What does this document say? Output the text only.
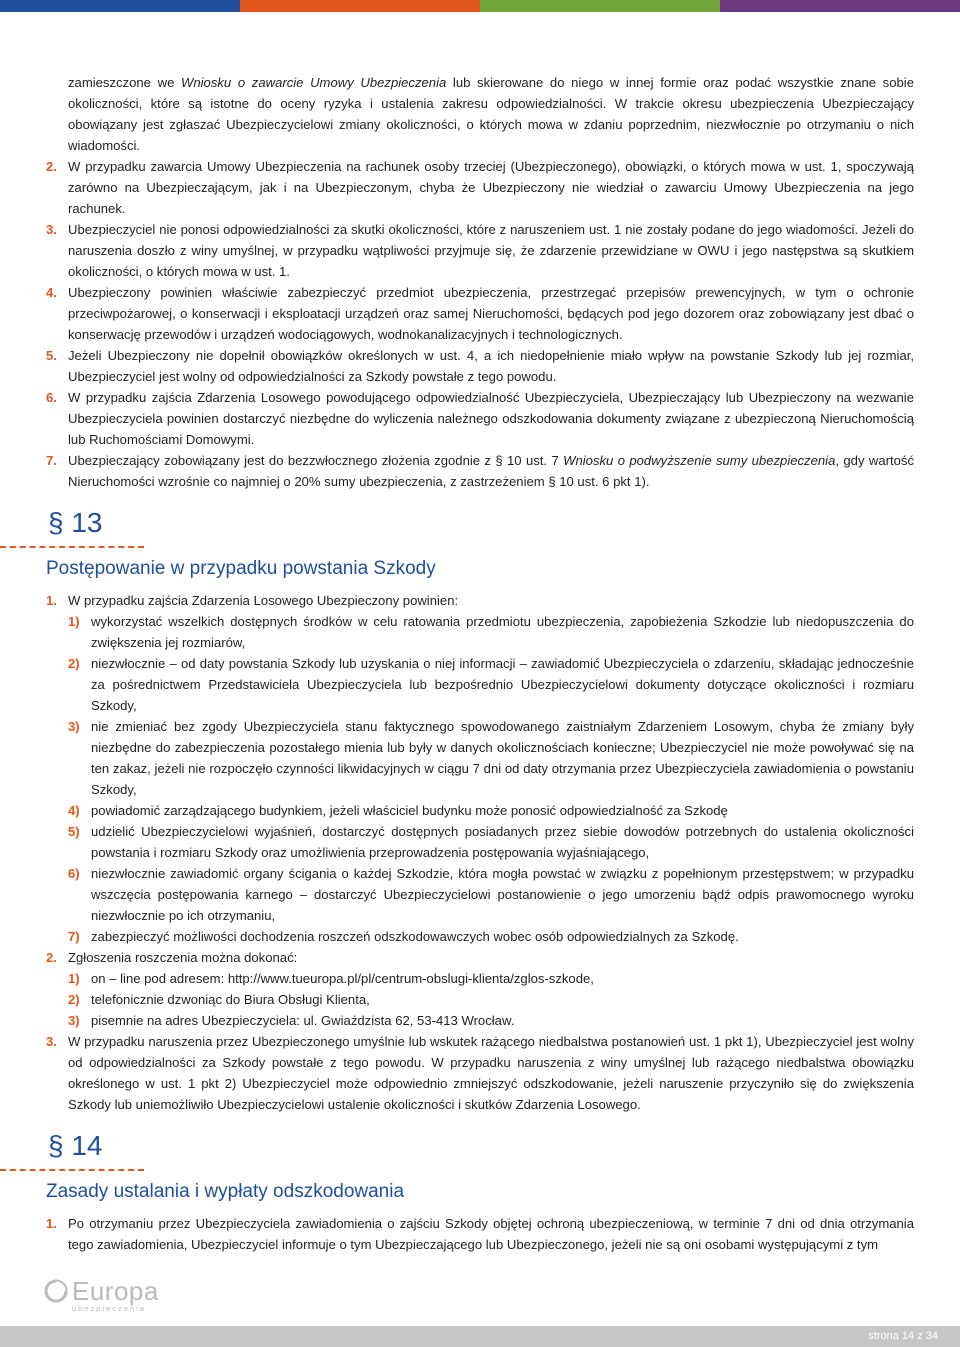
zamieszczone we Wniosku o zawarcie Umowy Ubezpieczenia lub skierowane do niego w innej formie oraz podać wszystkie znane sobie okoliczności, które są istotne do oceny ryzyka i ustalenia zakresu odpowiedzialności. W trakcie okresu ubezpieczenia Ubezpieczający obowiązany jest zgłaszać Ubezpieczycielowi zmiany okoliczności, o których mowa w zdaniu poprzednim, niezwłocznie po otrzymaniu o nich wiadomości.

2. W przypadku zawarcia Umowy Ubezpieczenia na rachunek osoby trzeciej (Ubezpieczonego), obowiązki, o których mowa w ust. 1, spoczywają zarówno na Ubezpieczającym, jak i na Ubezpieczonym, chyba że Ubezpieczony nie wiedział o zawarciu Umowy Ubezpieczenia na jego rachunek.

3. Ubezpieczyciel nie ponosi odpowiedzialności za skutki okoliczności, które z naruszeniem ust. 1 nie zostały podane do jego wiadomości. Jeżeli do naruszenia doszło z winy umyślnej, w przypadku wątpliwości przyjmuje się, że zdarzenie przewidziane w OWU i jego następstwa są skutkiem okoliczności, o których mowa w ust. 1.

4. Ubezpieczony powinien właściwie zabezpieczyć przedmiot ubezpieczenia, przestrzegać przepisów prewencyjnych, w tym o ochronie przeciwpożarowej, o konserwacji i eksploatacji urządzeń oraz samej Nieruchomości, będących pod jego dozorem oraz zobowiązany jest dbać o konserwację przewodów i urządzeń wodociągowych, wodnokanalizacyjnych i technologicznych.

5. Jeżeli Ubezpieczony nie dopełnił obowiązków określonych w ust. 4, a ich niedopełnienie miało wpływ na powstanie Szkody lub jej rozmiar, Ubezpieczyciel jest wolny od odpowiedzialności za Szkody powstałe z tego powodu.

6. W przypadku zajścia Zdarzenia Losowego powodującego odpowiedzialność Ubezpieczyciela, Ubezpieczający lub Ubezpieczony na wezwanie Ubezpieczyciela powinien dostarczyć niezbędne do wyliczenia należnego odszkodowania dokumenty związane z ubezpieczoną Nieruchomością lub Ruchomościami Domowymi.

7. Ubezpieczający zobowiązany jest do bezzwłocznego złożenia zgodnie z § 10 ust. 7 Wniosku o podwyższenie sumy ubezpieczenia, gdy wartość Nieruchomości wzrośnie co najmniej o 20% sumy ubezpieczenia, z zastrzeżeniem § 10 ust. 6 pkt 1).

§ 13
Postępowanie w przypadku powstania Szkody

1. W przypadku zajścia Zdarzenia Losowego Ubezpieczony powinien:

1) wykorzystać wszelkich dostępnych środków w celu ratowania przedmiotu ubezpieczenia, zapobieżenia Szkodzie lub niedopuszczenia do zwiększenia jej rozmiarów,

2) niezwłocznie – od daty powstania Szkody lub uzyskania o niej informacji – zawiadomić Ubezpieczyciela o zdarzeniu, składając jednocześnie za pośrednictwem Przedstawiciela Ubezpieczyciela lub bezpośrednio Ubezpieczycielowi dokumenty dotyczące okoliczności i rozmiaru Szkody,

3) nie zmieniać bez zgody Ubezpieczyciela stanu faktycznego spowodowanego zaistniałym Zdarzeniem Losowym, chyba że zmiany były niezbędne do zabezpieczenia pozostałego mienia lub były w danych okolicznościach konieczne; Ubezpieczyciel nie może powoływać się na ten zakaz, jeżeli nie rozpoczęło czynności likwidacyjnych w ciągu 7 dni od daty otrzymania przez Ubezpieczyciela zawiadomienia o powstaniu Szkody,

4) powiadomić zarządzającego budynkiem, jeżeli właściciel budynku może ponosić odpowiedzialność za Szkodę

5) udzielić Ubezpieczycielowi wyjaśnień, dostarczyć dostępnych posiadanych przez siebie dowodów potrzebnych do ustalenia okoliczności powstania i rozmiaru Szkody oraz umożliwienia przeprowadzenia postępowania wyjaśniającego,

6) niezwłocznie zawiadomić organy ścigania o każdej Szkodzie, która mogła powstać w związku z popełnionym przestępstwem; w przypadku wszczęcia postępowania karnego – dostarczyć Ubezpieczycielowi postanowienie o jego umorzeniu bądź odpis prawomocnego wyroku niezwłocznie po ich otrzymaniu,

7) zabezpieczyć możliwości dochodzenia roszczeń odszkodowawczych wobec osób odpowiedzialnych za Szkodę.

2. Zgłoszenia roszczenia można dokonać:

1) on – line pod adresem: http://www.tueuropa.pl/pl/centrum-obslugi-klienta/zglos-szkode,

2) telefonicznie dzwoniąc do Biura Obsługi Klienta,

3) pisemnie na adres Ubezpieczyciela: ul. Gwiaździsta 62, 53-413 Wrocław.

3. W przypadku naruszenia przez Ubezpieczonego umyślnie lub wskutek rażącego niedbalstwa postanowień ust. 1 pkt 1), Ubezpieczyciel jest wolny od odpowiedzialności za Szkody powstałe z tego powodu. W przypadku naruszenia z winy umyślnej lub rażącego niedbalstwa obowiązku określonego w ust. 1 pkt 2) Ubezpieczyciel może odpowiednio zmniejszyć odszkodowanie, jeżeli naruszenie przyczyniło się do zwiększenia Szkody lub uniemożliwiło Ubezpieczycielowi ustalenie okoliczności i skutków Zdarzenia Losowego.

§ 14
Zasady ustalania i wypłaty odszkodowania

1. Po otrzymaniu przez Ubezpieczyciela zawiadomienia o zajściu Szkody objętej ochroną ubezpieczeniową, w terminie 7 dni od dnia otrzymania tego zawiadomienia, Ubezpieczyciel informuje o tym Ubezpieczającego lub Ubezpieczonego, jeżeli nie są oni osobami występującymi z tym

Europa
ubezpieczenia
strona 14 z 34
